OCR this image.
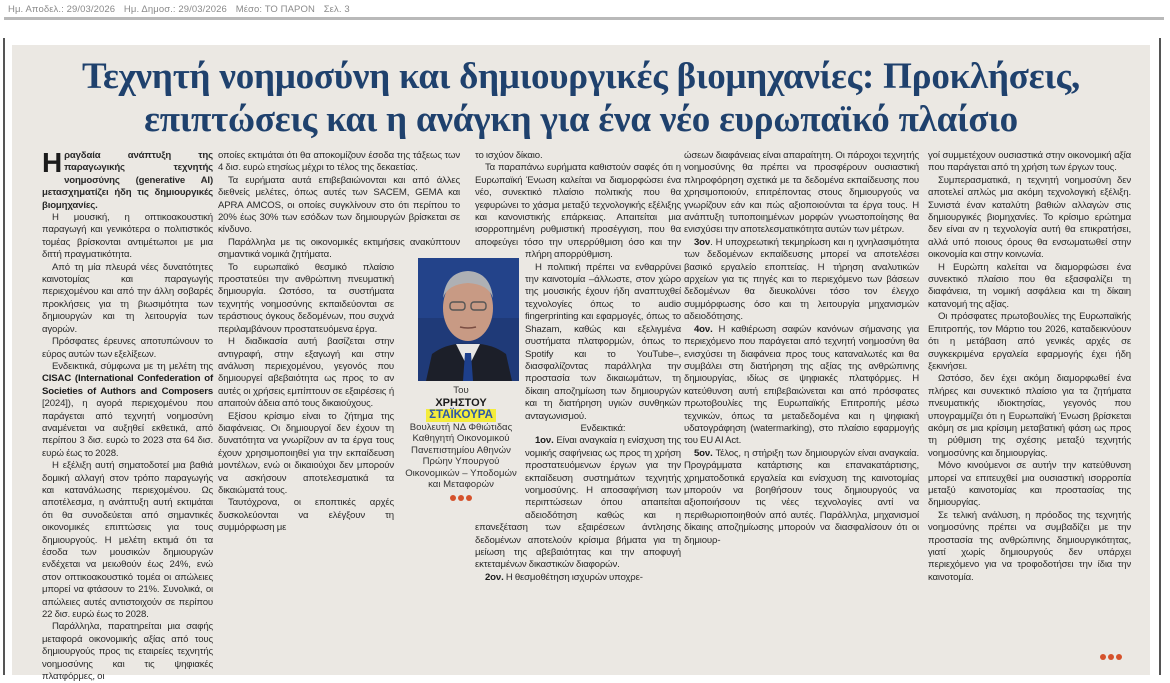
Ημ. Αποδελ.: 29/03/2026 Ημ. Δημοσ.: 29/03/2026 Μέσο: ΤΟ ΠΑΡΟΝ Σελ. 3
Τεχνητή νοημοσύνη και δημιουργικές βιομηχανίες: Προκλήσεις,
επιπτώσεις και η ανάγκη για ένα νέο ευρωπαϊκό πλαίσιο

Ηραγδαία ανάπτυξη της παραγωγικής τεχνητής νοημοσύνης (generative AI) μετασχηματίζει ήδη τις δημιουργικές βιομηχανίες.

Η μουσική, η οπτικοακουστική παραγωγή και γενικότερα ο πολιτιστικός τομέας βρίσκονται αντιμέτωποι με μια διττή πραγματικότητα.

Από τη μία πλευρά νέες δυνατότητες καινοτομίας και παραγωγής περιεχομένου και από την άλλη σοβαρές προκλήσεις για τη βιωσιμότητα των δημιουργών και τη λειτουργία των αγορών.

Πρόσφατες έρευνες αποτυπώνουν το εύρος αυτών των εξελίξεων.

Ενδεικτικά, σύμφωνα με τη μελέτη της CISAC (International Confederation of Societies of Authors and Composers [2024]), η αγορά περιεχομένου που παράγεται από τεχνητή νοημοσύνη αναμένεται να αυξηθεί εκθετικά, από περίπου 3 δισ. ευρώ το 2023 στα 64 δισ. ευρώ έως το 2028.

Η εξέλιξη αυτή σηματοδοτεί μια βαθιά δομική αλλαγή στον τρόπο παραγωγής και κατανάλωσης περιεχομένου. Ως αποτέλεσμα, η ανάπτυξη αυτή εκτιμάται ότι θα συνοδεύεται από σημαντικές οικονομικές επιπτώσεις για τους δημιουργούς. Η μελέτη εκτιμά ότι τα έσοδα των μουσικών δημιουργών ενδέχεται να μειωθούν έως 24%, ενώ στον οπτικοακουστικό τομέα οι απώλειες μπορεί να φτάσουν το 21%. Συνολικά, οι απώλειες αυτές αντιστοιχούν σε περίπου 22 δισ. ευρώ έως το 2028.

Παράλληλα, παρατηρείται μια σαφής μεταφορά οικονομικής αξίας από τους δημιουργούς προς τις εταιρείες τεχνητής νοημοσύνης και τις ψηφιακές πλατφόρμες, οι

οποίες εκτιμάται ότι θα αποκομίζουν έσοδα της τάξεως των 4 δισ. ευρώ ετησίως μέχρι το τέλος της δεκαετίας.

Τα ευρήματα αυτά επιβεβαιώνονται και από άλλες διεθνείς μελέτες, όπως αυτές των SACEM, GEMA και APRA AMCOS, οι οποίες συγκλίνουν στο ότι περίπου το 20% έως 30% των εσόδων των δημιουργών βρίσκεται σε κίνδυνο.

Παράλληλα με τις οικονομικές εκτιμήσεις ανακύπτουν σημαντικά νομικά ζητήματα.

Το ευρωπαϊκό θεσμικό πλαίσιο προστατεύει την ανθρώπινη πνευματική δημιουργία. Ωστόσο, τα συστήματα τεχνητής νοημοσύνης εκπαιδεύονται σε τεράστιους όγκους δεδομένων, που συχνά περιλαμβάνουν προστατευόμενα έργα.

Η διαδικασία αυτή βασίζεται στην αντιγραφή, στην εξαγωγή και στην ανάλυση περιεχομένου, γεγονός που δημιουργεί αβεβαιότητα ως προς το αν αυτές οι χρήσεις εμπίπτουν σε εξαιρέσεις ή απαιτούν άδεια από τους δικαιούχους.

Εξίσου κρίσιμο είναι το ζήτημα της διαφάνειας. Οι δημιουργοί δεν έχουν τη δυνατότητα να γνωρίζουν αν τα έργα τους έχουν χρησιμοποιηθεί για την εκπαίδευση μοντέλων, ενώ οι δικαιούχοι δεν μπορούν να ασκήσουν αποτελεσματικά τα δικαιώματά τους.

Ταυτόχρονα, οι εποπτικές αρχές δυσκολεύονται να ελέγξουν τη συμμόρφωση με

το ισχύον δίκαιο.

Τα παραπάνω ευρήματα καθιστούν σαφές ότι η Ευρωπαϊκή Ένωση καλείται να διαμορφώσει ένα νέο, συνεκτικό πλαίσιο πολιτικής που θα γεφυρώνει το χάσμα μεταξύ τεχνολογικής εξέλιξης και κανονιστικής επάρκειας. Απαιτείται μια ισορροπημένη ρυθμιστική προσέγγιση, που θα αποφεύγει τόσο την υπερρύθμιση όσο και την πλήρη απορρύθμιση.

Η πολιτική πρέπει να ενθαρρύνει την καινοτομία –άλλωστε, στον χώρο της μουσικής έχουν ήδη αναπτυχθεί τεχνολογίες όπως το audio fingerprinting και εφαρμογές, όπως το Shazam, καθώς και εξελιγμένα συστήματα πλατφορμών, όπως το Spotify και το YouTube–, διασφαλίζοντας παράλληλα την προστασία των δικαιωμάτων, τη δίκαιη αποζημίωση των δημιουργών και τη διατήρηση υγιών συνθηκών ανταγωνισμού.

Ενδεικτικά:

1ον. Είναι αναγκαία η ενίσχυση της νομικής σαφήνειας ως προς τη χρήση προστατευόμενων έργων για την εκπαίδευση συστημάτων τεχνητής νοημοσύνης. Η αποσαφήνιση των περιπτώσεων όπου απαιτείται αδειοδότηση καθώς και η επανεξέταση των εξαιρέσεων άντλησης δεδομένων αποτελούν κρίσιμα βήματα για τη μείωση της αβεβαιότητας και την αποφυγή εκτεταμένων δικαστικών διαφορών.

2ον. Η θεσμοθέτηση ισχυρών υποχρε-

ώσεων διαφάνειας είναι απαραίτητη. Οι πάροχοι τεχνητής νοημοσύνης θα πρέπει να προσφέρουν ουσιαστική πληροφόρηση σχετικά με τα δεδομένα εκπαίδευσης που χρησιμοποιούν, επιτρέποντας στους δημιουργούς να γνωρίζουν εάν και πώς αξιοποιούνται τα έργα τους. Η ανάπτυξη τυποποιημένων μορφών γνωστοποίησης θα ενισχύσει την αποτελεσματικότητα αυτών των μέτρων.

3ον. Η υποχρεωτική τεκμηρίωση και η ιχνηλασιμότητα των δεδομένων εκπαίδευσης μπορεί να αποτελέσει βασικό εργαλείο εποπτείας. Η τήρηση αναλυτικών αρχείων για τις πηγές και το περιεχόμενο των βάσεων δεδομένων θα διευκολύνει τόσο τον έλεγχο συμμόρφωσης όσο και τη λειτουργία μηχανισμών αδειοδότησης.

4ον. Η καθιέρωση σαφών κανόνων σήμανσης για περιεχόμενο που παράγεται από τεχνητή νοημοσύνη θα ενισχύσει τη διαφάνεια προς τους καταναλωτές και θα συμβάλει στη διατήρηση της αξίας της ανθρώπινης δημιουργίας, ιδίως σε ψηφιακές πλατφόρμες. Η κατεύθυνση αυτή επιβεβαιώνεται και από πρόσφατες πρωτοβουλίες της Ευρωπαϊκής Επιτροπής μέσω τεχνικών, όπως τα μεταδεδομένα και η ψηφιακή υδατογράφηση (watermarking), στο πλαίσιο εφαρμογής του EU AI Act.

5ον. Τέλος, η στήριξη των δημιουργών είναι αναγκαία. Προγράμματα κατάρτισης και επανακατάρτισης, χρηματοδοτικά εργαλεία και ενίσχυση της καινοτομίας μπορούν να βοηθήσουν τους δημιουργούς να αξιοποιήσουν τις νέες τεχνολογίες αντί να περιθωριοποιηθούν από αυτές. Παράλληλα, μηχανισμοί δίκαιης αποζημίωσης μπορούν να διασφαλίσουν ότι οι δημιουρ-

γοί συμμετέχουν ουσιαστικά στην οικονομική αξία που παράγεται από τη χρήση των έργων τους.

Συμπερασματικά, η τεχνητή νοημοσύνη δεν αποτελεί απλώς μια ακόμη τεχνολογική εξέλιξη. Συνιστά έναν καταλύτη βαθιών αλλαγών στις δημιουργικές βιομηχανίες. Το κρίσιμο ερώτημα δεν είναι αν η τεχνολογία αυτή θα επικρατήσει, αλλά υπό ποιους όρους θα ενσωματωθεί στην οικονομία και στην κοινωνία.

Η Ευρώπη καλείται να διαμορφώσει ένα συνεκτικό πλαίσιο που θα εξασφαλίζει τη διαφάνεια, τη νομική ασφάλεια και τη δίκαιη κατανομή της αξίας.

Οι πρόσφατες πρωτοβουλίες της Ευρωπαϊκής Επιτροπής, τον Μάρτιο του 2026, καταδεικνύουν ότι η μετάβαση από γενικές αρχές σε συγκεκριμένα εργαλεία εφαρμογής έχει ήδη ξεκινήσει.

Ωστόσο, δεν έχει ακόμη διαμορφωθεί ένα πλήρες και συνεκτικό πλαίσιο για τα ζητήματα πνευματικής ιδιοκτησίας, γεγονός που υπογραμμίζει ότι η Ευρωπαϊκή Ένωση βρίσκεται ακόμη σε μια κρίσιμη μεταβατική φάση ως προς τη ρύθμιση της σχέσης μεταξύ τεχνητής νοημοσύνης και δημιουργίας.

Μόνο κινούμενοι σε αυτήν την κατεύθυνση μπορεί να επιτευχθεί μια ουσιαστική ισορροπία μεταξύ καινοτομίας και προστασίας της δημιουργίας.

Σε τελική ανάλυση, η πρόοδος της τεχνητής νοημοσύνης πρέπει να συμβαδίζει με την προστασία της ανθρώπινης δημιουργικότητας, γιατί χωρίς δημιουργούς δεν υπάρχει περιεχόμενο για να τροφοδοτήσει την ίδια την καινοτομία.

Του
ΧΡΗΣΤΟΥ
ΣΤΑΪΚΟΥΡΑ
Βουλευτή ΝΔ Φθιώτιδας
Καθηγητή Οικονομικού Πανεπιστημίου Αθηνών
Πρώην Υπουργού Οικονομικών – Υποδομών και Μεταφορών
